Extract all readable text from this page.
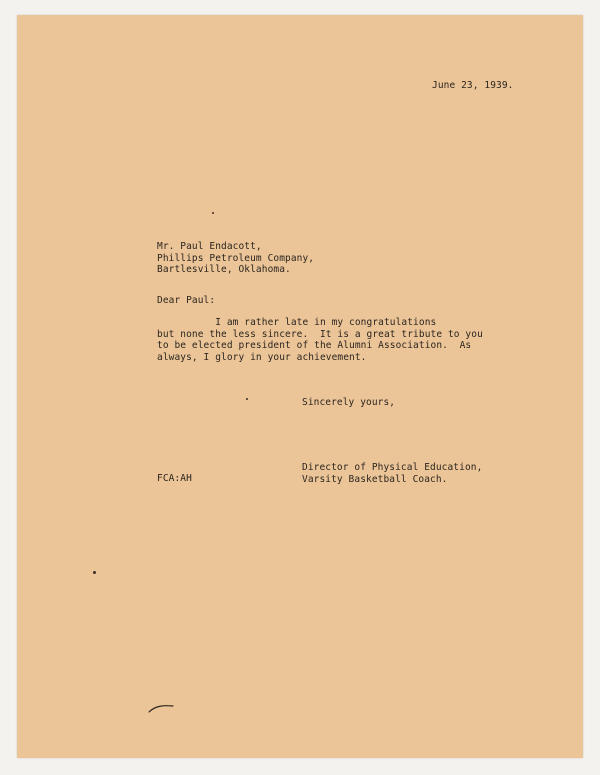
June 23, 1939.
Mr. Paul Endacott,
Phillips Petroleum Company,
Bartlesville, Oklahoma.
Dear Paul:
I am rather late in my congratulations
but none the less sincere.  It is a great tribute to you
to be elected president of the Alumni Association.  As
always, I glory in your achievement.
Sincerely yours,
Director of Physical Education,
Varsity Basketball Coach.
FCA:AH
